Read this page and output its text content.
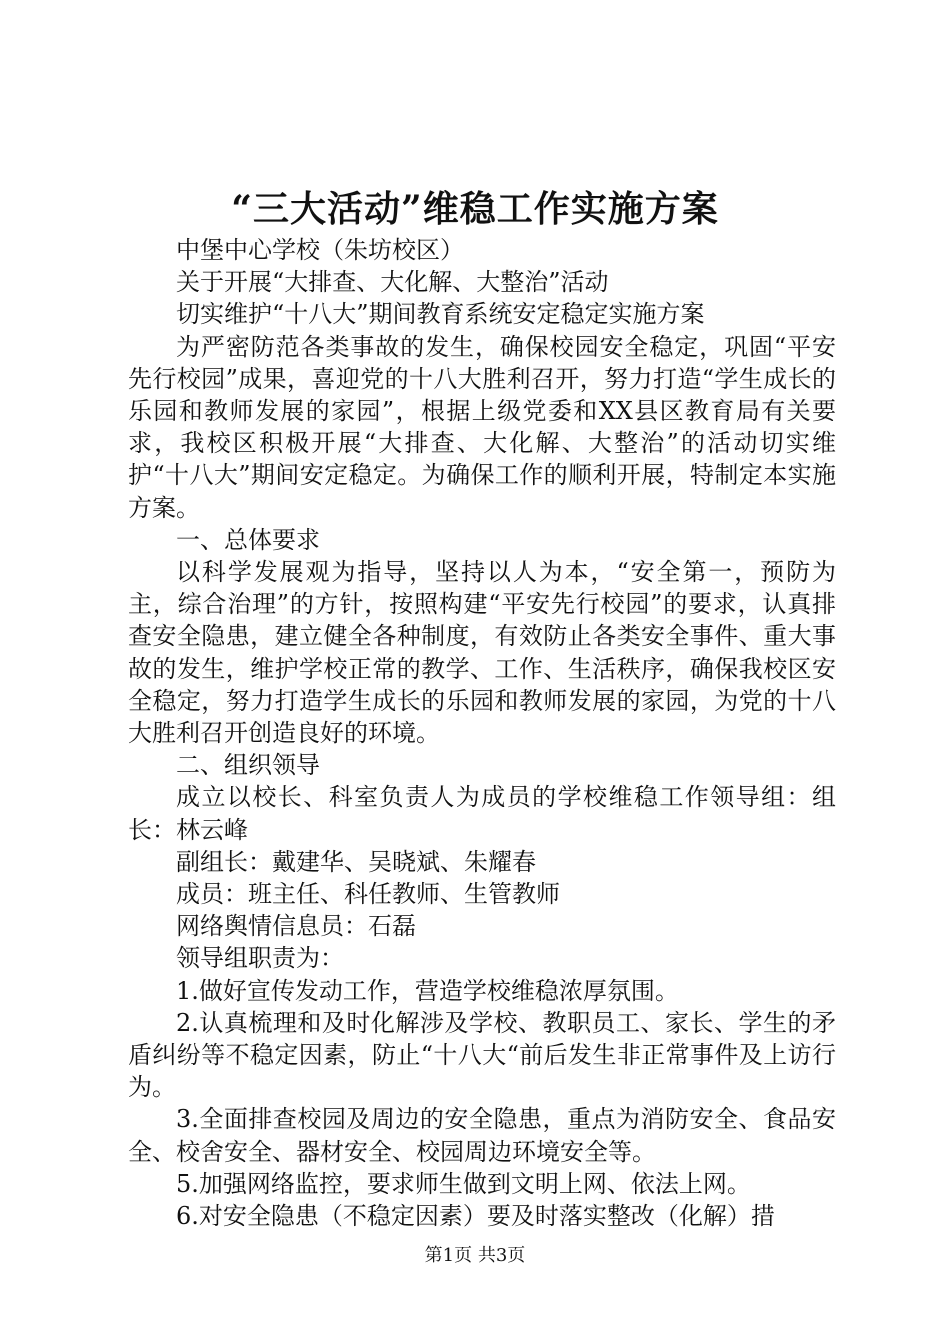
“三大活动”维稳工作实施方案

中堡中心学校（朱坊校区）

关于开展“大排查、大化解、大整治”活动

切实维护“十八大”期间教育系统安定稳定实施方案

为严密防范各类事故的发生，确保校园安全稳定，巩固“平安先行校园”成果，喜迎党的十八大胜利召开，努力打造“学生成长的乐园和教师发展的家园”，根据上级党委和XX县区教育局有关要求，我校区积极开展“大排查、大化解、大整治”的活动切实维护“十八大”期间安定稳定。为确保工作的顺利开展，特制定本实施方案。

一、总体要求

以科学发展观为指导，坚持以人为本，“安全第一，预防为主，综合治理”的方针，按照构建“平安先行校园”的要求，认真排查安全隐患，建立健全各种制度，有效防止各类安全事件、重大事故的发生，维护学校正常的教学、工作、生活秩序，确保我校区安全稳定，努力打造学生成长的乐园和教师发展的家园，为党的十八大胜利召开创造良好的环境。

二、组织领导

成立以校长、科室负责人为成员的学校维稳工作领导组：组长：林云峰

副组长：戴建华、吴晓斌、朱耀春

成员：班主任、科任教师、生管教师

网络舆情信息员：石磊

领导组职责为：

1.做好宣传发动工作，营造学校维稳浓厚氛围。

2.认真梳理和及时化解涉及学校、教职员工、家长、学生的矛盾纠纷等不稳定因素，防止“十八大“前后发生非正常事件及上访行为。

3.全面排查校园及周边的安全隐患，重点为消防安全、食品安全、校舍安全、器材安全、校园周边环境安全等。

5.加强网络监控，要求师生做到文明上网、依法上网。

6.对安全隐患（不稳定因素）要及时落实整改（化解）措

第1页 共3页
